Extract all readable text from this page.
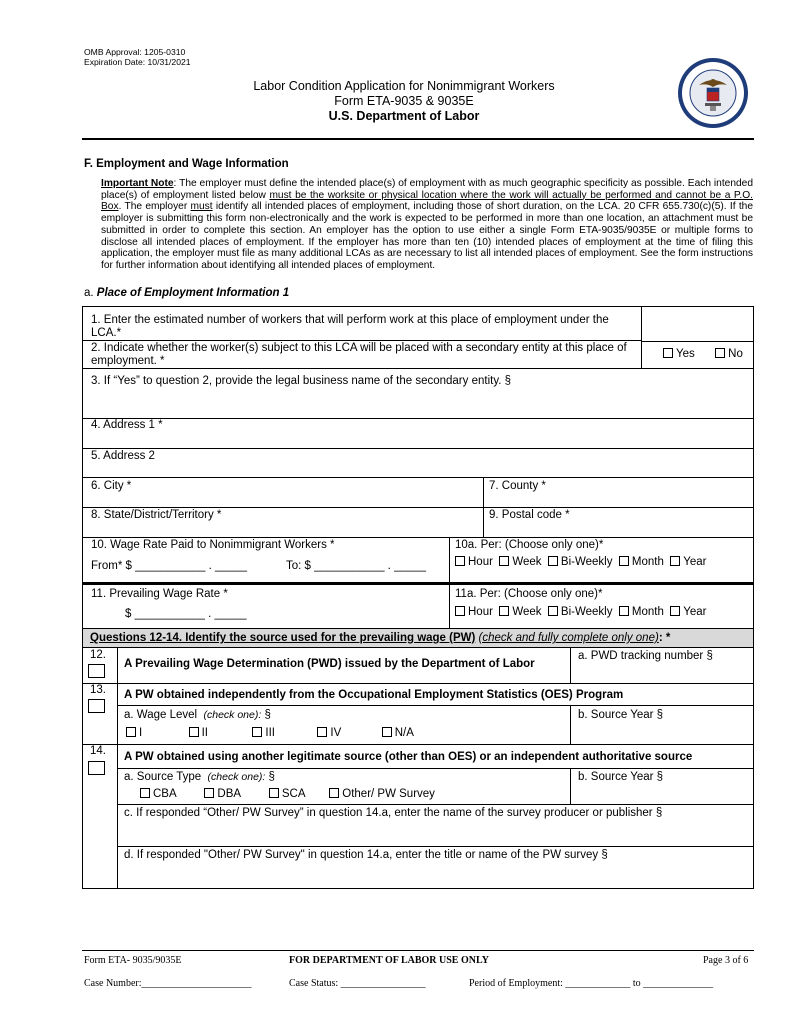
OMB Approval: 1205-0310
Expiration Date: 10/31/2021
Labor Condition Application for Nonimmigrant Workers
Form ETA-9035 & 9035E
U.S. Department of Labor
F. Employment and Wage Information
Important Note: The employer must define the intended place(s) of employment with as much geographic specificity as possible. Each intended place(s) of employment listed below must be the worksite or physical location where the work will actually be performed and cannot be a P.O. Box. The employer must identify all intended places of employment, including those of short duration, on the LCA. 20 CFR 655.730(c)(5). If the employer is submitting this form non-electronically and the work is expected to be performed in more than one location, an attachment must be submitted in order to complete this section. An employer has the option to use either a single Form ETA-9035/9035E or multiple forms to disclose all intended places of employment. If the employer has more than ten (10) intended places of employment at the time of filing this application, the employer must file as many additional LCAs as are necessary to list all intended places of employment. See the form instructions for further information about identifying all intended places of employment.
a. Place of Employment Information 1
1. Enter the estimated number of workers that will perform work at this place of employment under the LCA.*
2. Indicate whether the worker(s) subject to this LCA will be placed with a secondary entity at this place of employment. *
Yes	No
3. If “Yes” to question 2, provide the legal business name of the secondary entity. §
4. Address 1 *
5. Address 2
6. City *	7. County *
8. State/District/Territory *	9. Postal code *
10. Wage Rate Paid to Nonimmigrant Workers *
From* $ ___________ . _____	To: $ ___________ . _____
10a. Per: (Choose only one)*
Hour Week Bi-Weekly Month Year
11. Prevailing Wage Rate *
$ ___________ . _____
11a. Per: (Choose only one)*
Hour Week Bi-Weekly Month Year
Questions 12-14. Identify the source used for the prevailing wage (PW) (check and fully complete only one): *
12.
A Prevailing Wage Determination (PWD) issued by the Department of Labor
a. PWD tracking number §
13. A PW obtained independently from the Occupational Employment Statistics (OES) Program
a. Wage Level (check one): §
I	II	III	IV	N/A
b. Source Year §
14. A PW obtained using another legitimate source (other than OES) or an independent authoritative source
a. Source Type (check one): §
CBA	DBA	SCA	Other/ PW Survey
b. Source Year §
c. If responded “Other/ PW Survey” in question 14.a, enter the name of the survey producer or publisher §
d. If responded "Other/ PW Survey" in question 14.a, enter the title or name of the PW survey §
Form ETA- 9035/9035E	FOR DEPARTMENT OF LABOR USE ONLY	Page 3 of 6
Case Number:______________________	Case Status: _________________	Period of Employment: _____________ to ______________
